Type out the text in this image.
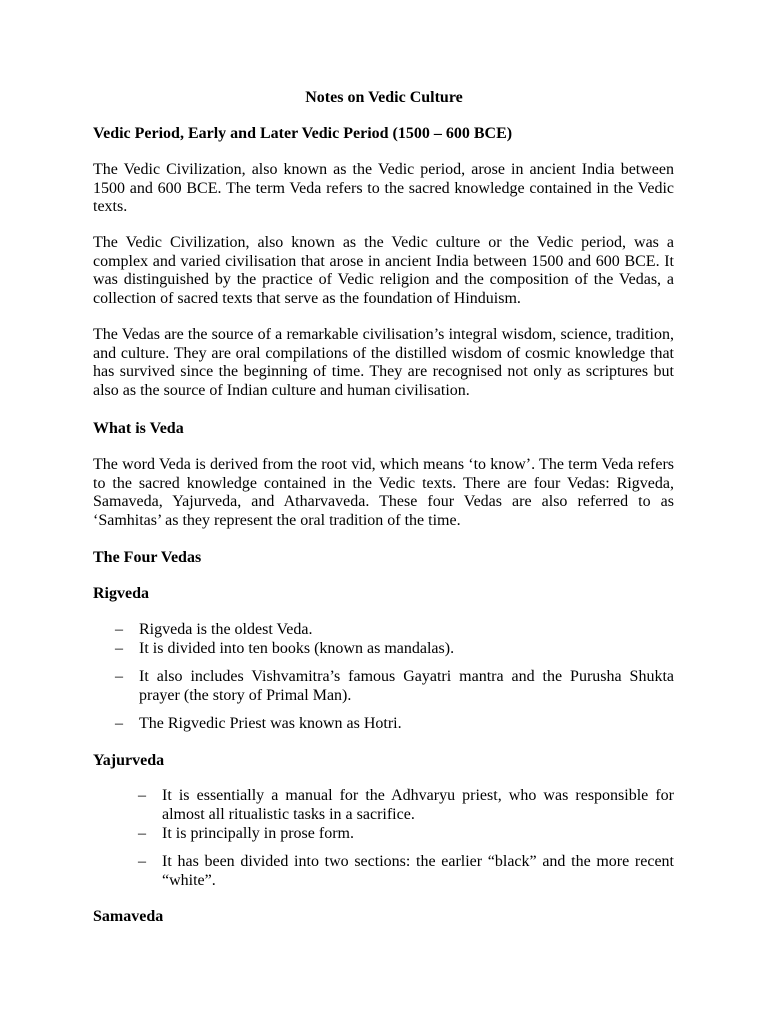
Notes on Vedic Culture
Vedic Period, Early and Later Vedic Period (1500 – 600 BCE)

The Vedic Civilization, also known as the Vedic period, arose in ancient India between 1500 and 600 BCE. The term Veda refers to the sacred knowledge contained in the Vedic texts.

The Vedic Civilization, also known as the Vedic culture or the Vedic period, was a complex and varied civilisation that arose in ancient India between 1500 and 600 BCE. It was distinguished by the practice of Vedic religion and the composition of the Vedas, a collection of sacred texts that serve as the foundation of Hinduism.

The Vedas are the source of a remarkable civilisation’s integral wisdom, science, tradition, and culture. They are oral compilations of the distilled wisdom of cosmic knowledge that has survived since the beginning of time. They are recognised not only as scriptures but also as the source of Indian culture and human civilisation.

What is Veda

The word Veda is derived from the root vid, which means ‘to know’. The term Veda refers to the sacred knowledge contained in the Vedic texts. There are four Vedas: Rigveda, Samaveda, Yajurveda, and Atharvaveda. These four Vedas are also referred to as ‘Samhitas’ as they represent the oral tradition of the time.

The Four Vedas
Rigveda
– Rigveda is the oldest Veda.
– It is divided into ten books (known as mandalas).
– It also includes Vishvamitra’s famous Gayatri mantra and the Purusha Shukta prayer (the story of Primal Man).
– The Rigvedic Priest was known as Hotri.
Yajurveda
– It is essentially a manual for the Adhvaryu priest, who was responsible for almost all ritualistic tasks in a sacrifice.
– It is principally in prose form.
– It has been divided into two sections: the earlier “black” and the more recent “white”.
Samaveda
